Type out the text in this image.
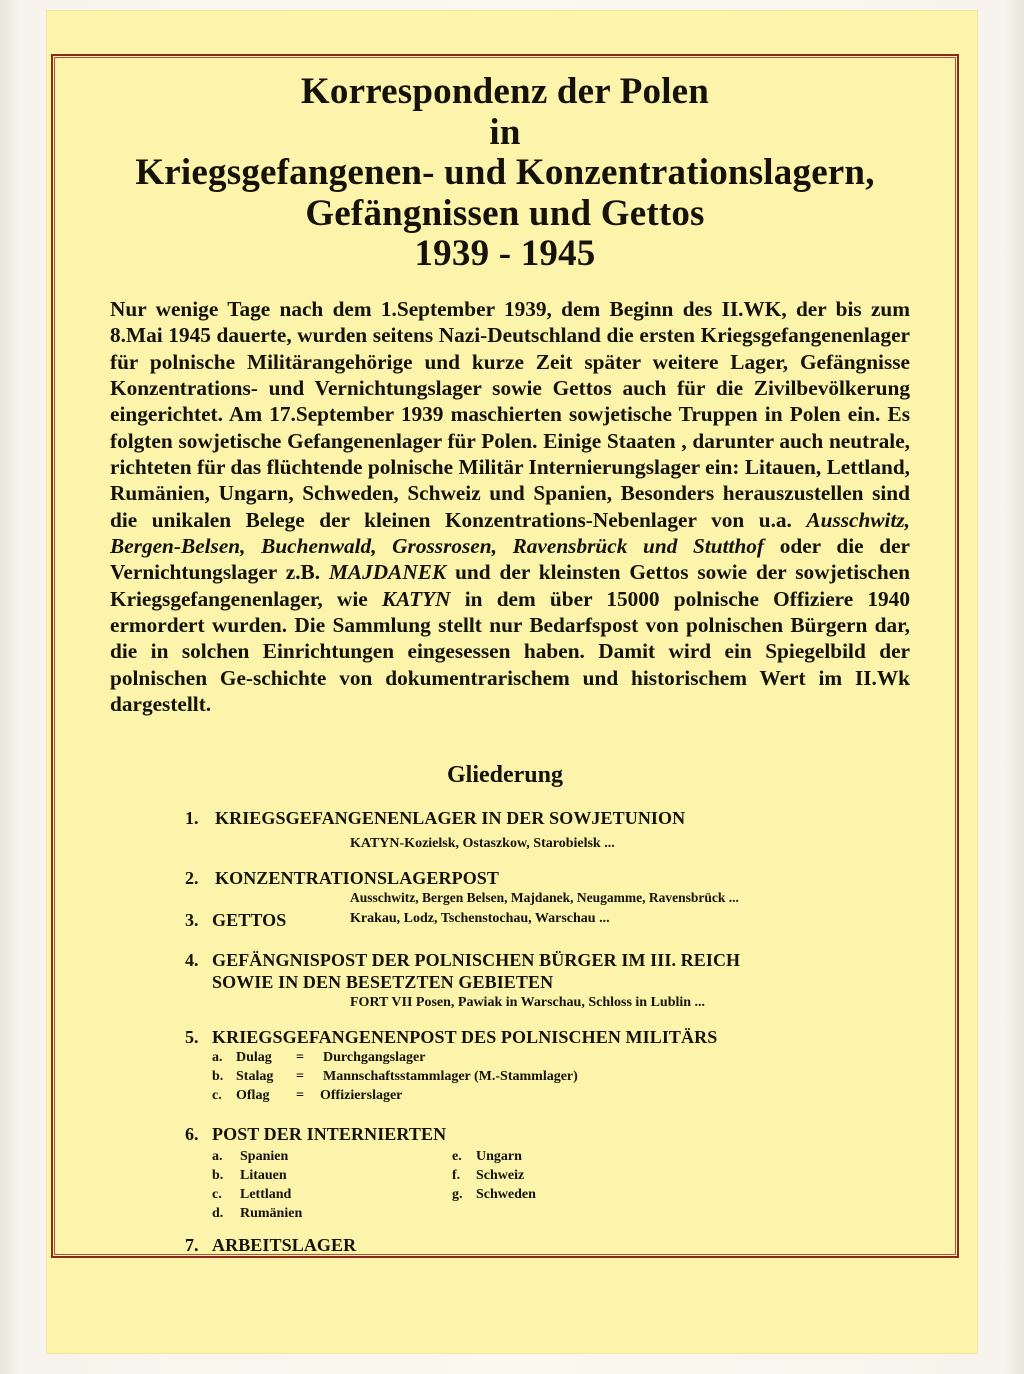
Korrespondenz der Polen
in
Kriegsgefangenen- und Konzentrationslagern,
Gefängnissen und Gettos
1939 - 1945
Nur wenige Tage nach dem 1.September 1939, dem Beginn des II.WK, der bis zum 8.Mai 1945 dauerte, wurden seitens Nazi-Deutschland die ersten Kriegsgefangenenlager für polnische Militärangehörige und kurze Zeit später weitere Lager, Gefängnisse Konzentrations- und Vernichtungslager sowie Gettos auch für die Zivilbevölkerung eingerichtet. Am 17.September 1939 maschierten sowjetische Truppen in Polen ein. Es folgten sowjetische Gefangenenlager für Polen. Einige Staaten , darunter auch neutrale, richteten für das flüchtende polnische Militär Internierungslager ein: Litauen, Lettland, Rumänien, Ungarn, Schweden, Schweiz und Spanien, Besonders herauszustellen sind die unikalen Belege der kleinen Konzentrations-Nebenlager von u.a. Ausschwitz, Bergen-Belsen, Buchenwald, Grossrosen, Ravensbrück und Stutthof oder die der Vernichtungslager z.B. MAJDANEK und der kleinsten Gettos sowie der sowjetischen Kriegsgefangenenlager, wie KATYN in dem über 15000 polnische Offiziere 1940 ermordert wurden. Die Sammlung stellt nur Bedarfspost von polnischen Bürgern dar, die in solchen Einrichtungen eingesessen haben. Damit wird ein Spiegelbild der polnischen Ge-schichte von dokumentrarischem und historischem Wert im II.Wk dargestellt.
Gliederung
1. KRIEGSGEFANGENENLAGER IN DER SOWJETUNION
KATYN-Kozielsk, Ostaszkow, Starobielsk ...
2. KONZENTRATIONSLAGERPOST
Ausschwitz, Bergen Belsen, Majdanek, Neugamme, Ravensbrück ...
3. GETTOS	Krakau, Lodz, Tschenstochau, Warschau ...
4. GEFÄNGNISPOST DER POLNISCHEN BÜRGER IM III. REICH
SOWIE IN DEN BESETZTEN GEBIETEN
FORT VII Posen, Pawiak in Warschau, Schloss in Lublin ...
5. KRIEGSGEFANGENENPOST DES POLNISCHEN MILITÄRS
a. Dulag = Durchgangslager
b. Stalag = Mannschaftsstammlager (M.-Stammlager)
c. Oflag = Offizierslager
6. POST DER INTERNIERTEN
a. Spanien
b. Litauen
c. Lettland
d. Rumänien
e. Ungarn
f. Schweiz
g. Schweden
7. ARBEITSLAGER
